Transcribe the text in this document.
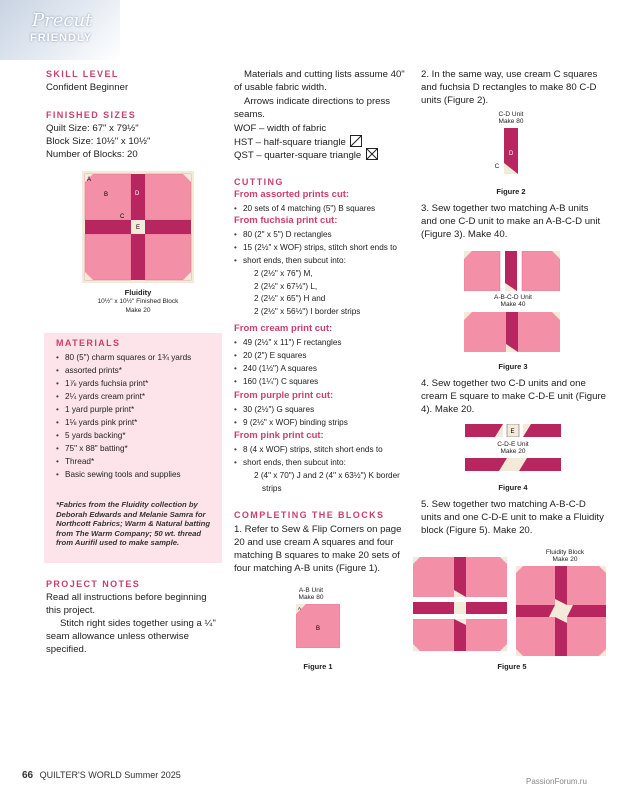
Precut
FRIENDLY
SKILL LEVEL
Confident Beginner
FINISHED SIZES
Quilt Size: 67" x 79½"
Block Size: 10½" x 10½"
Number of Blocks: 20
A
B	D
C
E
Fluidity
10½" x 10½" Finished Block
Make 20
MATERIALS
• 80 (5") charm squares or 1¾ yards
• assorted prints*
• 1⅞ yards fuchsia print*
• 2¼ yards cream print*
• 1 yard purple print*
• 1⅛ yards pink print*
• 5 yards backing*
• 75" x 88" batting*
• Thread*
• Basic sewing tools and supplies
*Fabrics from the Fluidity collection by Deborah Edwards and Melanie Samra for Northcott Fabrics; Warm & Natural batting from The Warm Company; 50 wt. thread from Aurifil used to make sample.
PROJECT NOTES
Read all instructions before beginning this project.
Stitch right sides together using a ¼" seam allowance unless otherwise specified.
Materials and cutting lists assume 40" of usable fabric width.
Arrows indicate directions to press seams.
WOF – width of fabric
HST – half-square triangle
QST – quarter-square triangle
CUTTING
From assorted prints cut:
• 20 sets of 4 matching (5") B squares
From fuchsia print cut:
• 80 (2" x 5") D rectangles
• 15 (2½" x WOF) strips, stitch short ends to
• short ends, then subcut into:
2 (2½" x 76") M,
2 (2½" x 67½") L,
2 (2½" x 65") H and
2 (2½" x 56½") I border strips
From cream print cut:
• 49 (2½" x 11") F rectangles
• 20 (2") E squares
• 240 (1½") A squares
• 160 (1¼") C squares
From purple print cut:
• 30 (2½") G squares
• 9 (2½" x WOF) binding strips
From pink print cut:
• 8 (4 x WOF) strips, stitch short ends to
• short ends, then subcut into:
2 (4" x 70") J and 2 (4" x 63½") K border
strips
COMPLETING THE BLOCKS
1. Refer to Sew & Flip Corners on page 20 and use cream A squares and four matching B squares to make 20 sets of four matching A-B units (Figure 1).
A-B Unit
Make 80
A
B
Figure 1
2. In the same way, use cream C squares and fuchsia D rectangles to make 80 C-D units (Figure 2).
C-D Unit
Make 80
D
C
Figure 2
3. Sew together two matching A-B units and one C-D unit to make an A-B-C-D unit (Figure 3). Make 40.
A-B-C-D Unit
Make 40
Figure 3
4. Sew together two C-D units and one cream E square to make C-D-E unit (Figure 4). Make 20.
E
C-D-E Unit
Make 20
Figure 4
5. Sew together two matching A-B-C-D units and one C-D-E unit to make a Fluidity block (Figure 5). Make 20.
Fluidity Block
Make 20
Figure 5
66 QUILTER'S WORLD Summer 2025
PassionForum.ru
